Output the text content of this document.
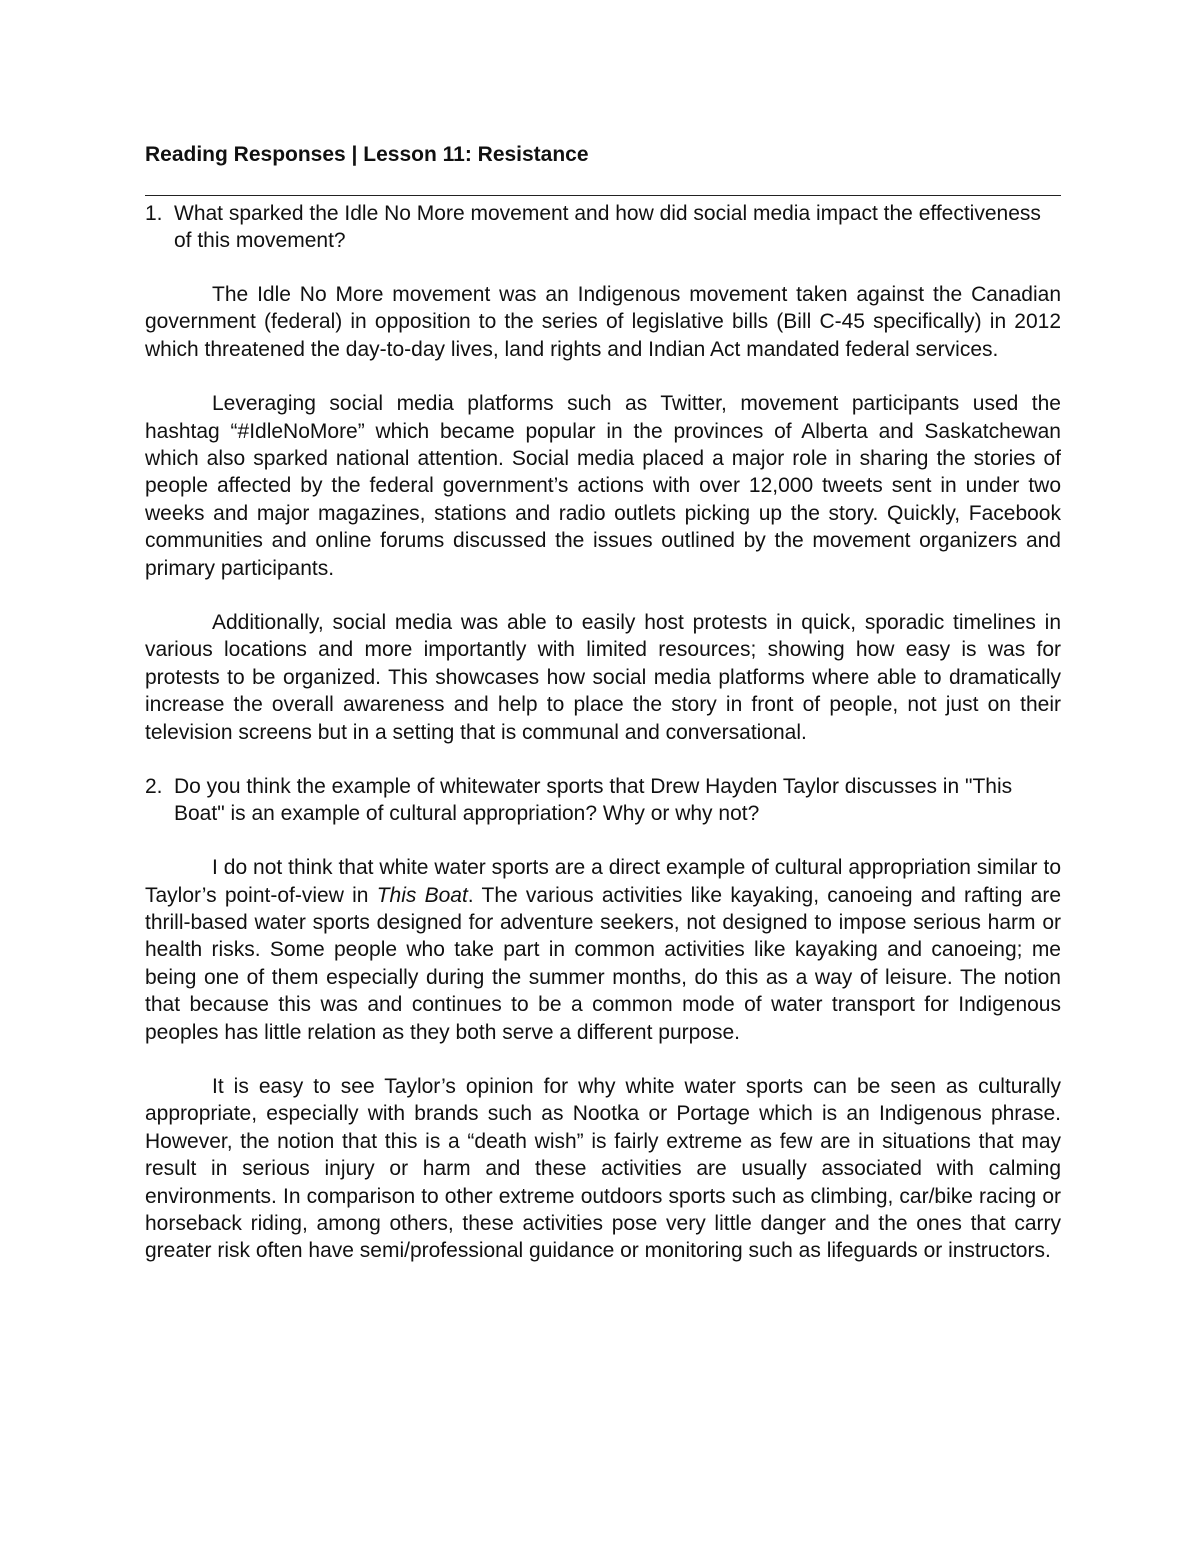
Reading Responses | Lesson 11: Resistance
1. What sparked the Idle No More movement and how did social media impact the effectiveness of this movement?

The Idle No More movement was an Indigenous movement taken against the Canadian government (federal) in opposition to the series of legislative bills (Bill C-45 specifically) in 2012 which threatened the day-to-day lives, land rights and Indian Act mandated federal services.

Leveraging social media platforms such as Twitter, movement participants used the hashtag “#IdleNoMore” which became popular in the provinces of Alberta and Saskatchewan which also sparked national attention. Social media placed a major role in sharing the stories of people affected by the federal government’s actions with over 12,000 tweets sent in under two weeks and major magazines, stations and radio outlets picking up the story. Quickly, Facebook communities and online forums discussed the issues outlined by the movement organizers and primary participants.

Additionally, social media was able to easily host protests in quick, sporadic timelines in various locations and more importantly with limited resources; showing how easy is was for protests to be organized. This showcases how social media platforms where able to dramatically increase the overall awareness and help to place the story in front of people, not just on their television screens but in a setting that is communal and conversational.

2. Do you think the example of whitewater sports that Drew Hayden Taylor discusses in "This Boat" is an example of cultural appropriation? Why or why not?

I do not think that white water sports are a direct example of cultural appropriation similar to Taylor’s point-of-view in This Boat. The various activities like kayaking, canoeing and rafting are thrill-based water sports designed for adventure seekers, not designed to impose serious harm or health risks. Some people who take part in common activities like kayaking and canoeing; me being one of them especially during the summer months, do this as a way of leisure. The notion that because this was and continues to be a common mode of water transport for Indigenous peoples has little relation as they both serve a different purpose.

It is easy to see Taylor’s opinion for why white water sports can be seen as culturally appropriate, especially with brands such as Nootka or Portage which is an Indigenous phrase. However, the notion that this is a “death wish” is fairly extreme as few are in situations that may result in serious injury or harm and these activities are usually associated with calming environments. In comparison to other extreme outdoors sports such as climbing, car/bike racing or horseback riding, among others, these activities pose very little danger and the ones that carry greater risk often have semi/professional guidance or monitoring such as lifeguards or instructors.
